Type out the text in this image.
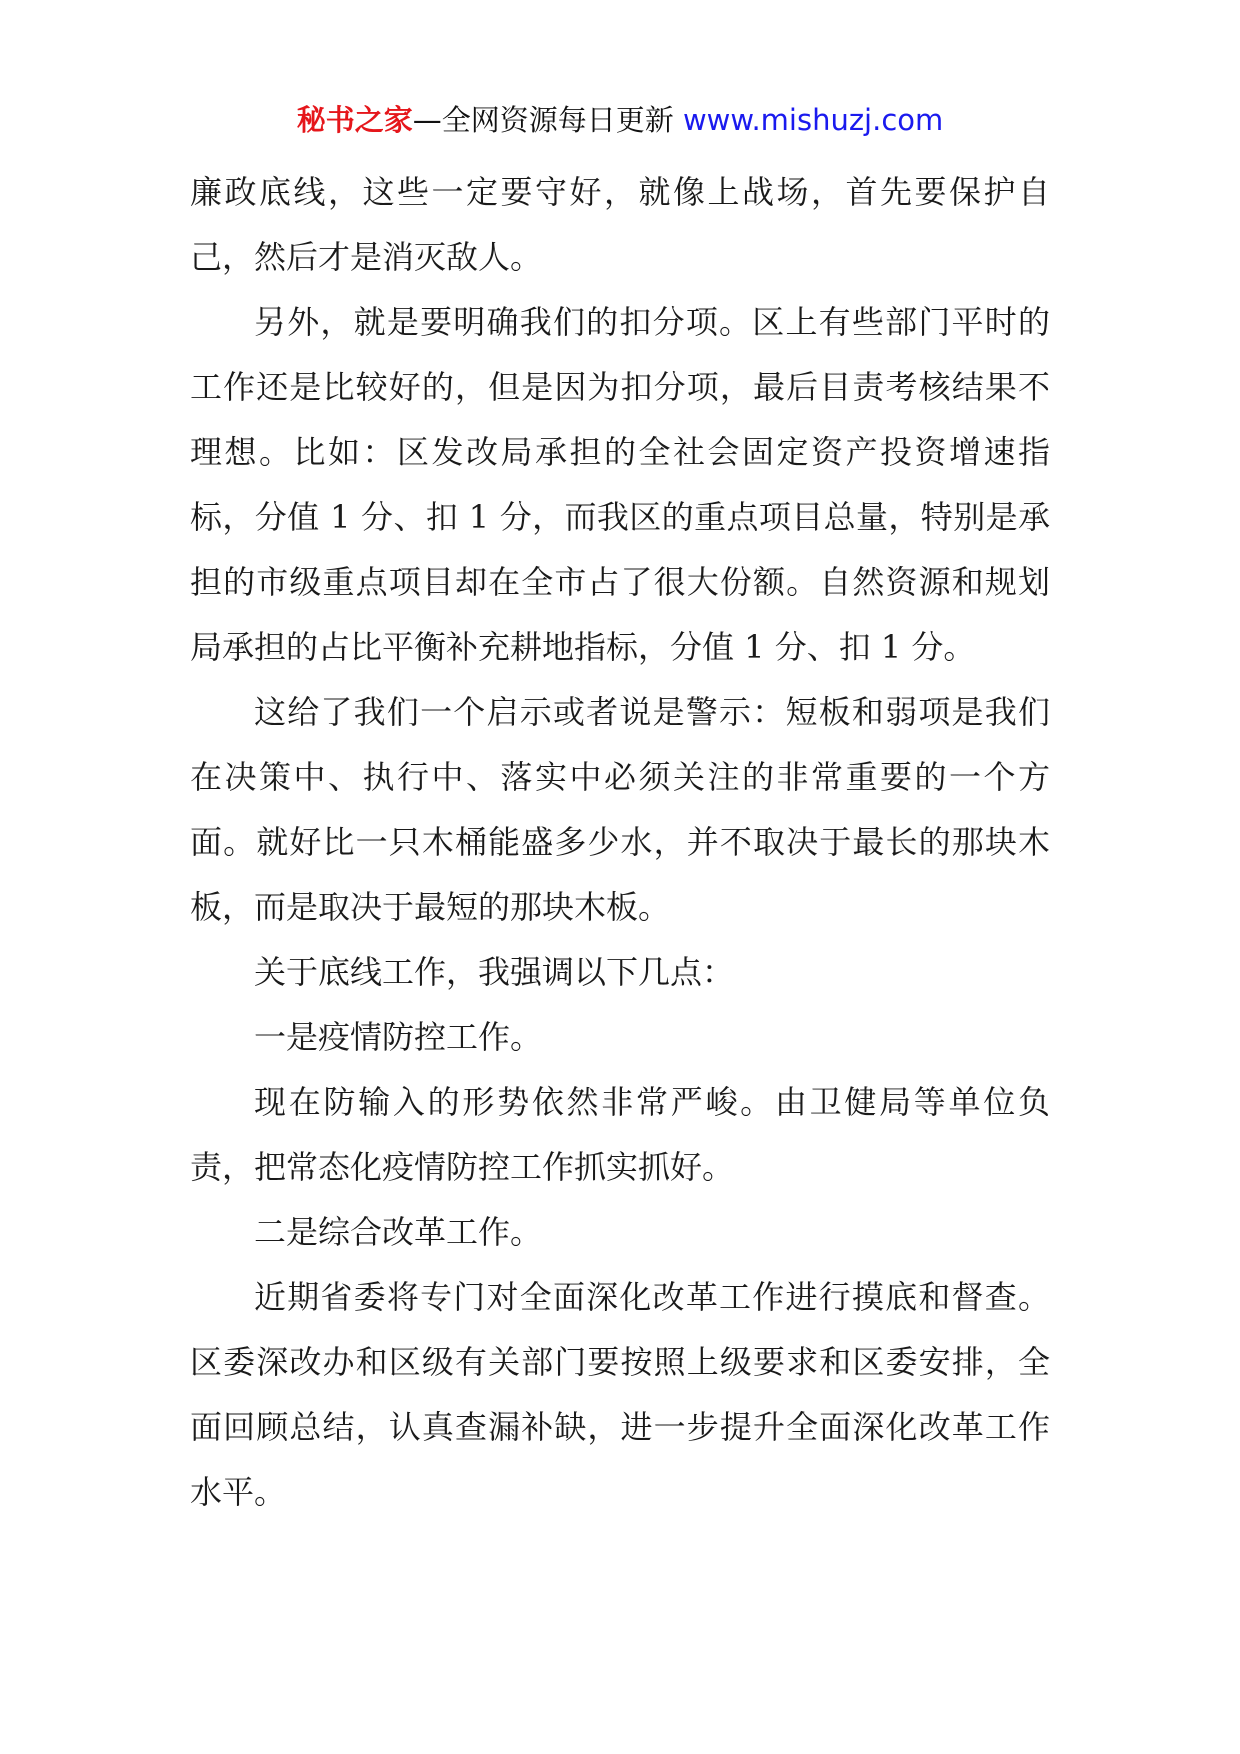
秘书之家—全网资源每日更新 www.mishuzj.com

廉政底线，这些一定要守好，就像上战场，首先要保护自己，然后才是消灭敌人。

另外，就是要明确我们的扣分项。区上有些部门平时的工作还是比较好的，但是因为扣分项，最后目责考核结果不理想。比如：区发改局承担的全社会固定资产投资增速指标，分值 1 分、扣 1 分，而我区的重点项目总量，特别是承担的市级重点项目却在全市占了很大份额。自然资源和规划局承担的占比平衡补充耕地指标，分值 1 分、扣 1 分。

这给了我们一个启示或者说是警示：短板和弱项是我们在决策中、执行中、落实中必须关注的非常重要的一个方面。就好比一只木桶能盛多少水，并不取决于最长的那块木板，而是取决于最短的那块木板。

关于底线工作，我强调以下几点：

一是疫情防控工作。

现在防输入的形势依然非常严峻。由卫健局等单位负责，把常态化疫情防控工作抓实抓好。

二是综合改革工作。

近期省委将专门对全面深化改革工作进行摸底和督查。区委深改办和区级有关部门要按照上级要求和区委安排，全面回顾总结，认真查漏补缺，进一步提升全面深化改革工作水平。
